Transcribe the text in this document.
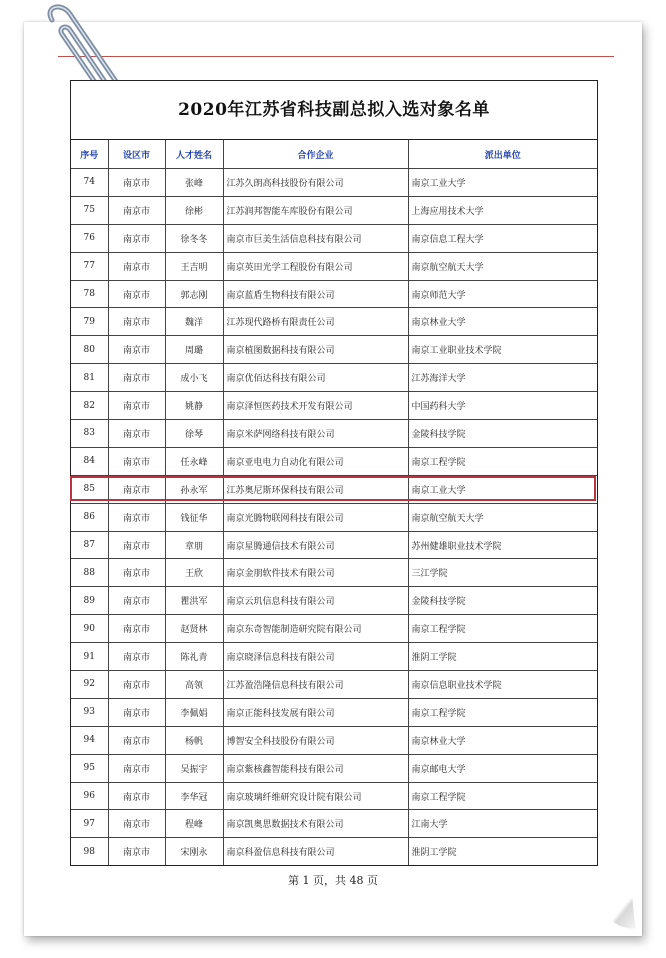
2020年江苏省科技副总拟入选对象名单
序号	设区市	人才姓名	合作企业	派出单位
74	南京市	张峰	江苏久朗高科技股份有限公司	南京工业大学
75	南京市	徐彬	江苏润邦智能车库股份有限公司	上海应用技术大学
76	南京市	徐冬冬	南京市巨美生活信息科技有限公司	南京信息工程大学
77	南京市	王吉明	南京英田光学工程股份有限公司	南京航空航天大学
78	南京市	郭志刚	南京蓝盾生物科技有限公司	南京师范大学
79	南京市	魏洋	江苏现代路桥有限责任公司	南京林业大学
80	南京市	周璐	南京植图数据科技有限公司	南京工业职业技术学院
81	南京市	成小飞	南京优佰达科技有限公司	江苏海洋大学
82	南京市	姚静	南京泽恒医药技术开发有限公司	中国药科大学
83	南京市	徐琴	南京米萨网络科技有限公司	金陵科技学院
84	南京市	任永峰	南京亚电电力自动化有限公司	南京工程学院
85	南京市	孙永军	江苏奥尼斯环保科技有限公司	南京工业大学
86	南京市	钱征华	南京光腾物联网科技有限公司	南京航空航天大学
87	南京市	章朋	南京星腾通信技术有限公司	苏州健雄职业技术学院
88	南京市	王欣	南京金朋软件技术有限公司	三江学院
89	南京市	瞿洪军	南京云玑信息科技有限公司	金陵科技学院
90	南京市	赵贤林	南京东奇智能制造研究院有限公司	南京工程学院
91	南京市	陈礼青	南京晓泽信息科技有限公司	淮阴工学院
92	南京市	高领	江苏盈浩隆信息科技有限公司	南京信息职业技术学院
93	南京市	李佩娟	南京正能科技发展有限公司	南京工程学院
94	南京市	杨帆	博智安全科技股份有限公司	南京林业大学
95	南京市	吴振宇	南京紫核鑫智能科技有限公司	南京邮电大学
96	南京市	李华冠	南京玻璃纤维研究设计院有限公司	南京工程学院
97	南京市	程峰	南京凯奥思数据技术有限公司	江南大学
98	南京市	宋刚永	南京科盈信息科技有限公司	淮阴工学院
第 1 页，共 48 页
